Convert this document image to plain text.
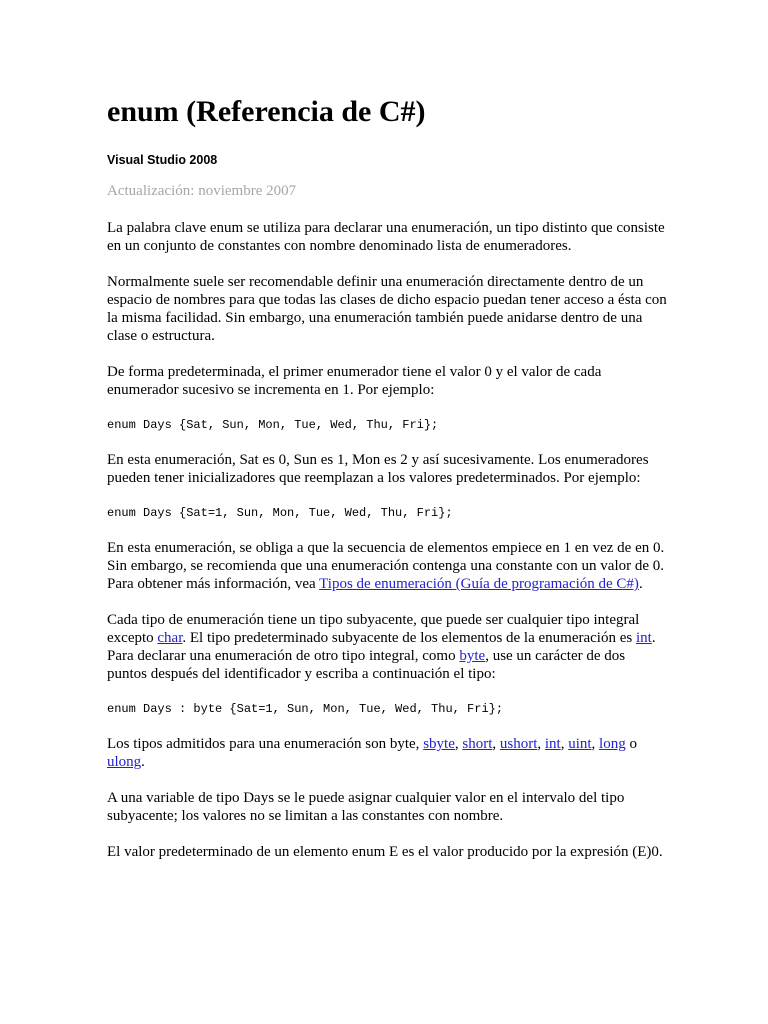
enum (Referencia de C#)
Visual Studio 2008
Actualización: noviembre 2007

La palabra clave enum se utiliza para declarar una enumeración, un tipo distinto que consiste en un conjunto de constantes con nombre denominado lista de enumeradores.

Normalmente suele ser recomendable definir una enumeración directamente dentro de un espacio de nombres para que todas las clases de dicho espacio puedan tener acceso a ésta con la misma facilidad. Sin embargo, una enumeración también puede anidarse dentro de una clase o estructura.

De forma predeterminada, el primer enumerador tiene el valor 0 y el valor de cada enumerador sucesivo se incrementa en 1. Por ejemplo:

enum Days {Sat, Sun, Mon, Tue, Wed, Thu, Fri};

En esta enumeración, Sat es 0, Sun es 1, Mon es 2 y así sucesivamente. Los enumeradores pueden tener inicializadores que reemplazan a los valores predeterminados. Por ejemplo:

enum Days {Sat=1, Sun, Mon, Tue, Wed, Thu, Fri};

En esta enumeración, se obliga a que la secuencia de elementos empiece en 1 en vez de en 0. Sin embargo, se recomienda que una enumeración contenga una constante con un valor de 0. Para obtener más información, vea Tipos de enumeración (Guía de programación de C#).

Cada tipo de enumeración tiene un tipo subyacente, que puede ser cualquier tipo integral excepto char. El tipo predeterminado subyacente de los elementos de la enumeración es int. Para declarar una enumeración de otro tipo integral, como byte, use un carácter de dos puntos después del identificador y escriba a continuación el tipo:

enum Days : byte {Sat=1, Sun, Mon, Tue, Wed, Thu, Fri};

Los tipos admitidos para una enumeración son byte, sbyte, short, ushort, int, uint, long o ulong.

A una variable de tipo Days se le puede asignar cualquier valor en el intervalo del tipo subyacente; los valores no se limitan a las constantes con nombre.

El valor predeterminado de un elemento enum E es el valor producido por la expresión (E)0.
